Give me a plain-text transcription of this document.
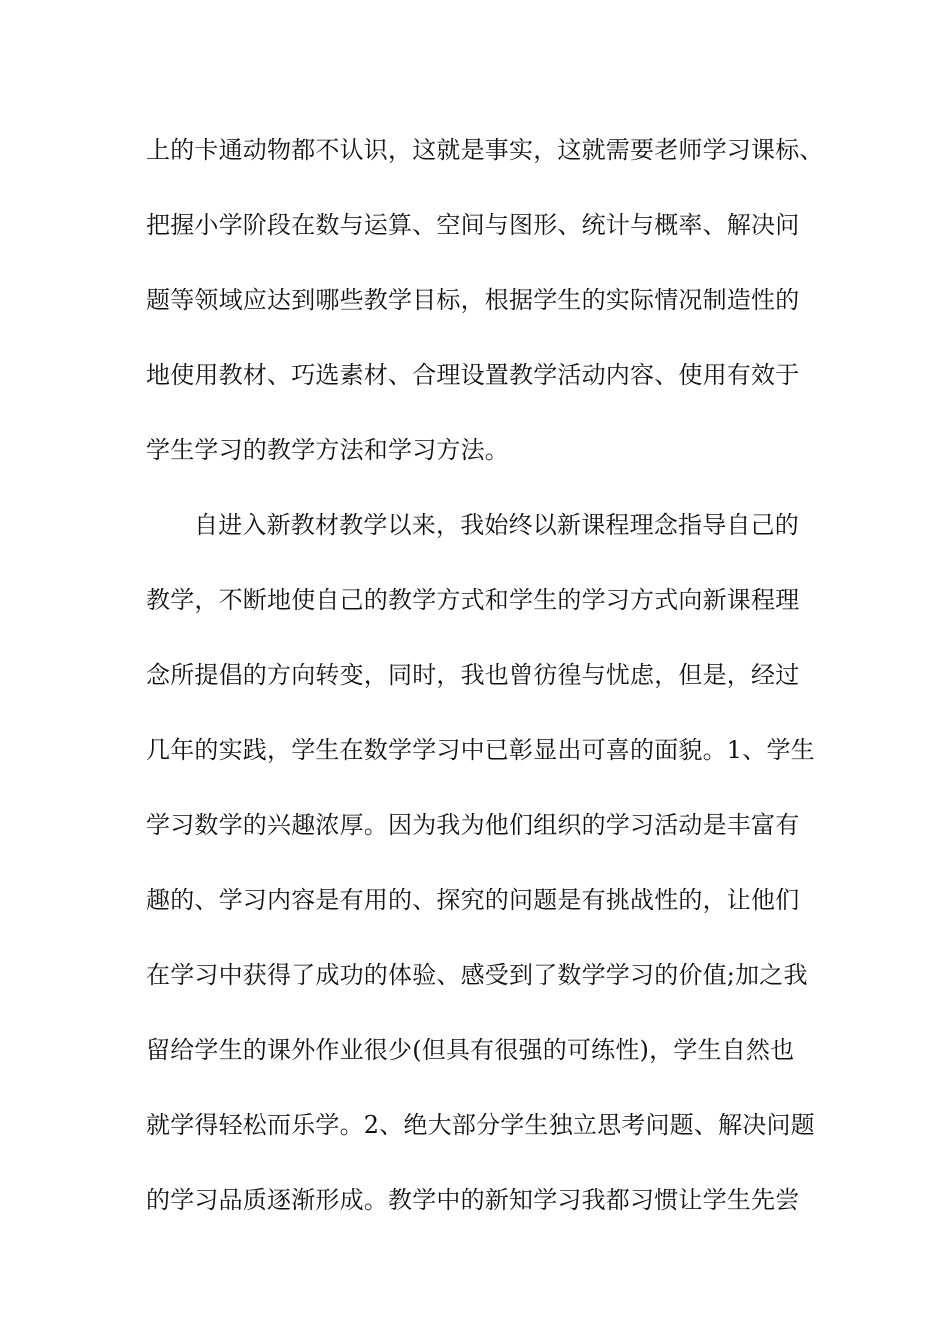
上的卡通动物都不认识，这就是事实，这就需要老师学习课标、
把握小学阶段在数与运算、空间与图形、统计与概率、解决问
题等领域应达到哪些教学目标，根据学生的实际情况制造性的
地使用教材、巧选素材、合理设置教学活动内容、使用有效于
学生学习的教学方法和学习方法。
自进入新教材教学以来，我始终以新课程理念指导自己的
教学，不断地使自己的教学方式和学生的学习方式向新课程理
念所提倡的方向转变，同时，我也曾彷徨与忧虑，但是，经过
几年的实践，学生在数学学习中已彰显出可喜的面貌。1、学生
学习数学的兴趣浓厚。因为我为他们组织的学习活动是丰富有
趣的、学习内容是有用的、探究的问题是有挑战性的，让他们
在学习中获得了成功的体验、感受到了数学学习的价值;加之我
留给学生的课外作业很少(但具有很强的可练性)，学生自然也
就学得轻松而乐学。2、绝大部分学生独立思考问题、解决问题
的学习品质逐渐形成。教学中的新知学习我都习惯让学生先尝
